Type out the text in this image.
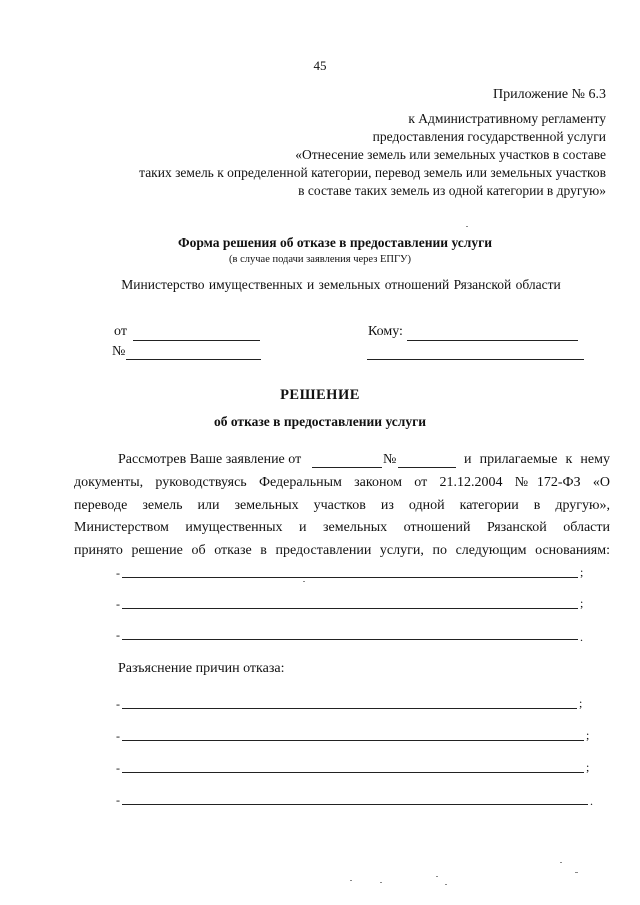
45
Приложение № 6.3
к Административному регламенту
предоставления государственной услуги
«Отнесение земель или земельных участков в составе
таких земель к определенной категории, перевод земель или земельных участков
в составе таких земель из одной категории в другую»
Форма решения об отказе в предоставлении услуги
(в случае подачи заявления через ЕПГУ)
Министерство имущественных и земельных отношений Рязанской области
от
№
Кому:
РЕШЕНИЕ
об отказе в предоставлении услуги
Рассмотрев Ваше заявление от	№	и прилагаемые к нему
документы, руководствуясь Федеральным законом от 21.12.2004 №172-ФЗ «О
переводе земель или земельных участков из одной категории в другую»,
Министерством имущественных и земельных отношений Рязанской области
принято решение об отказе в предоставлении услуги, по следующим основаниям:
-	;
-	;
-	.
Разъяснение причин отказа:
-	;
-	;
-	;
-	.
